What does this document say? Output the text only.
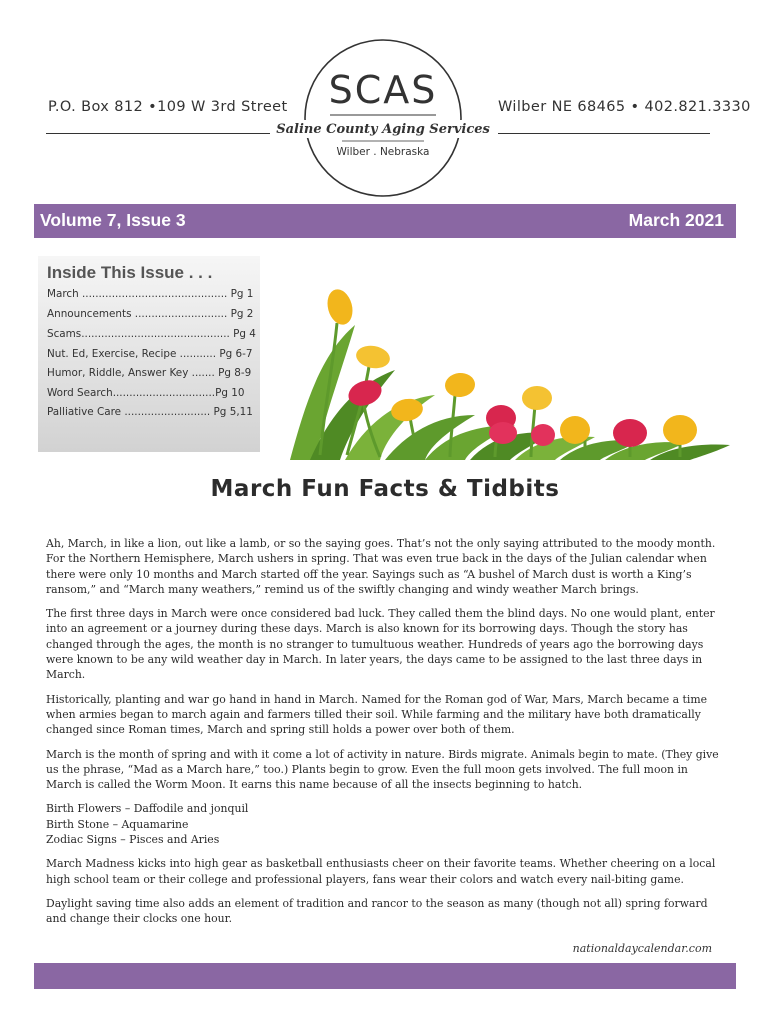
P.O. Box 812 •109 W 3rd Street	Wilber NE 68465 • 402.821.3330
SCAS
Saline County Aging Services
Wilber . Nebraska
Volume 7, Issue 3	March 2021
Inside This Issue . . .
March ............................................ Pg 1
Announcements ............................ Pg 2
Scams............................................. Pg 4
Nut. Ed, Exercise, Recipe ........... Pg 6-7
Humor, Riddle, Answer Key ....... Pg 8-9
Word Search...............................Pg 10
Palliative Care .......................... Pg 5,11
March Fun Facts & Tidbits

Ah, March, in like a lion, out like a lamb, or so the saying goes. That’s not the only saying attributed to the moody month. For the Northern Hemisphere, March ushers in spring. That was even true back in the days of the Julian calendar when there were only 10 months and March started off the year. Sayings such as “A bushel of March dust is worth a King’s ransom,” and “March many weathers,” remind us of the swiftly changing and windy weather March brings.

The first three days in March were once considered bad luck. They called them the blind days. No one would plant, enter into an agreement or a journey during these days. March is also known for its borrowing days. Though the story has changed through the ages, the month is no stranger to tumultuous weather. Hundreds of years ago the borrowing days were known to be any wild weather day in March. In later years, the days came to be assigned to the last three days in March.

Historically, planting and war go hand in hand in March. Named for the Roman god of War, Mars, March became a time when armies began to march again and farmers tilled their soil. While farming and the military have both dramatically changed since Roman times, March and spring still holds a power over both of them.

March is the month of spring and with it come a lot of activity in nature. Birds migrate. Animals begin to mate. (They give us the phrase, “Mad as a March hare,” too.) Plants begin to grow. Even the full moon gets involved. The full moon in March is called the Worm Moon. It earns this name because of all the insects beginning to hatch.

Birth Flowers – Daffodile and jonquil
Birth Stone – Aquamarine
Zodiac Signs – Pisces and Aries

March Madness kicks into high gear as basketball enthusiasts cheer on their favorite teams. Whether cheering on a local high school team or their college and professional players, fans wear their colors and watch every nail-biting game.

Daylight saving time also adds an element of tradition and rancor to the season as many (though not all) spring forward and change their clocks one hour.

nationaldaycalendar.com
